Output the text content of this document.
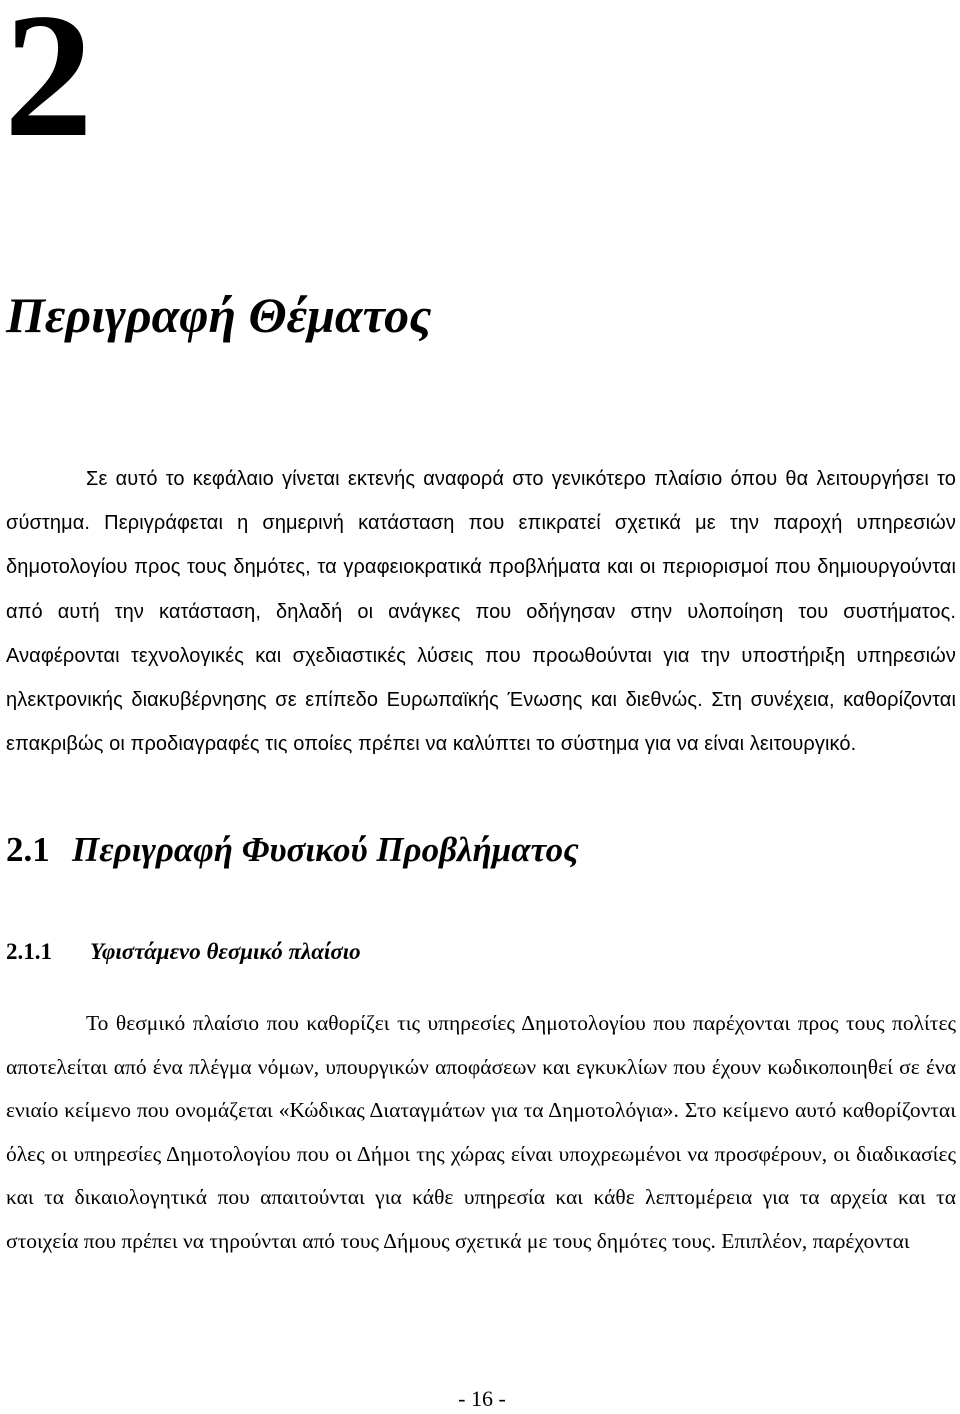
2
Περιγραφή Θέματος

Σε αυτό το κεφάλαιο γίνεται εκτενής αναφορά στο γενικότερο πλαίσιο όπου θα λειτουργήσει το σύστημα. Περιγράφεται η σημερινή κατάσταση που επικρατεί σχετικά με την παροχή υπηρεσιών δημοτολογίου προς τους δημότες, τα γραφειοκρατικά προβλήματα και οι περιορισμοί που δημιουργούνται από αυτή την κατάσταση, δηλαδή οι ανάγκες που οδήγησαν στην υλοποίηση του συστήματος. Αναφέρονται τεχνολογικές και σχεδιαστικές λύσεις που προωθούνται για την υποστήριξη υπηρεσιών ηλεκτρονικής διακυβέρνησης σε επίπεδο Ευρωπαϊκής Ένωσης και διεθνώς. Στη συνέχεια, καθορίζονται επακριβώς οι προδιαγραφές τις οποίες πρέπει να καλύπτει το σύστημα για να είναι λειτουργικό.

2.1 Περιγραφή Φυσικού Προβλήματος
2.1.1 Υφιστάμενο θεσμικό πλαίσιο

Το θεσμικό πλαίσιο που καθορίζει τις υπηρεσίες Δημοτολογίου που παρέχονται προς τους πολίτες αποτελείται από ένα πλέγμα νόμων, υπουργικών αποφάσεων και εγκυκλίων που έχουν κωδικοποιηθεί σε ένα ενιαίο κείμενο που ονομάζεται «Κώδικας Διαταγμάτων για τα Δημοτολόγια». Στο κείμενο αυτό καθορίζονται όλες οι υπηρεσίες Δημοτολογίου που οι Δήμοι της χώρας είναι υποχρεωμένοι να προσφέρουν, οι διαδικασίες και τα δικαιολογητικά που απαιτούνται για κάθε υπηρεσία και κάθε λεπτομέρεια για τα αρχεία και τα στοιχεία που πρέπει να τηρούνται από τους Δήμους σχετικά με τους δημότες τους. Επιπλέον, παρέχονται

- 16 -
